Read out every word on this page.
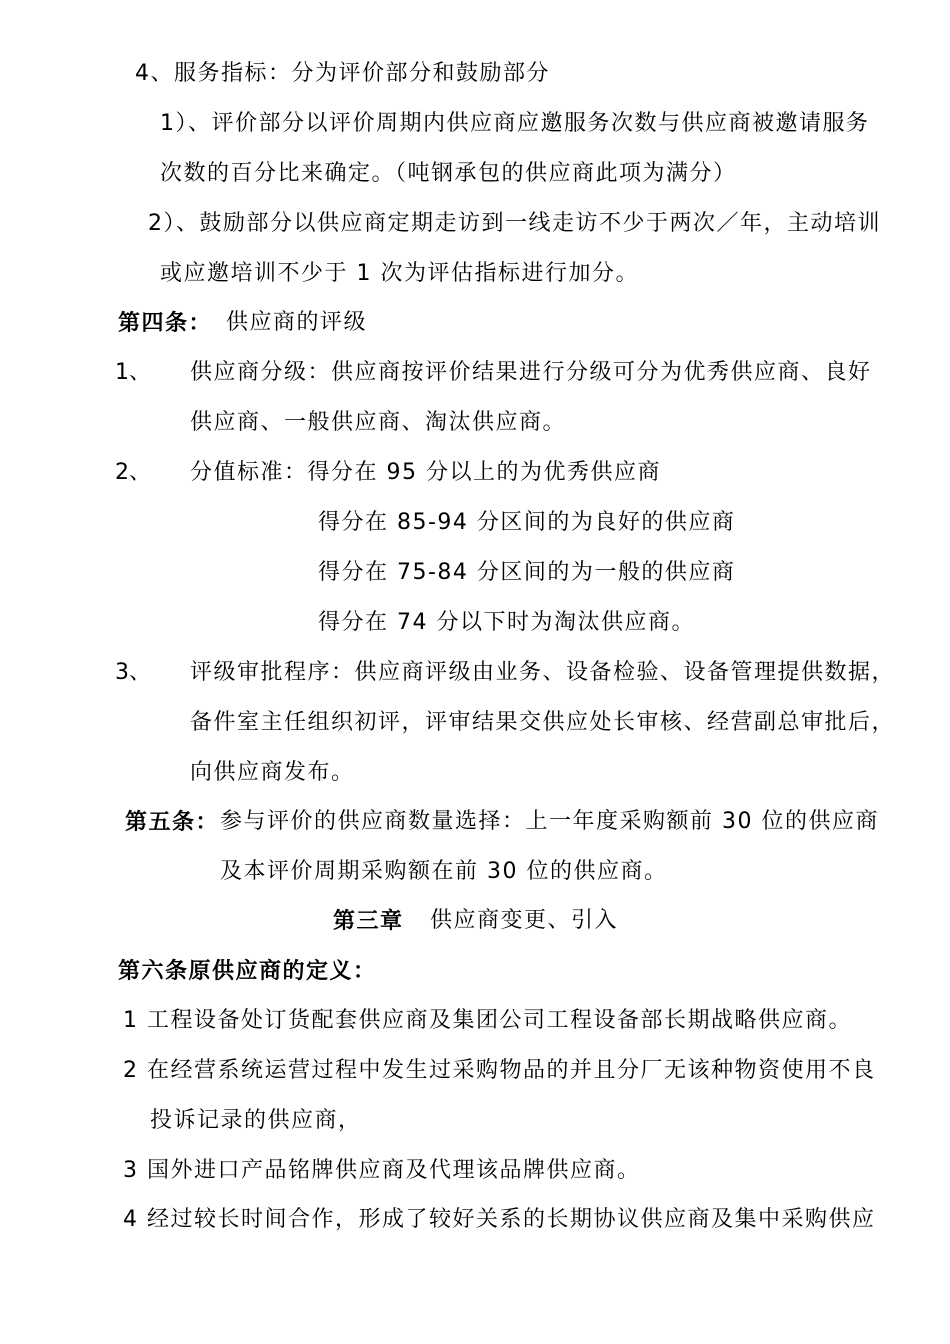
4、服务指标：分为评价部分和鼓励部分
1）、评价部分以评价周期内供应商应邀服务次数与供应商被邀请服务
次数的百分比来确定。（吨钢承包的供应商此项为满分）
2）、鼓励部分以供应商定期走访到一线走访不少于两次／年，主动培训
或应邀培训不少于 1 次为评估指标进行加分。
第四条： 供应商的评级
1、 供应商分级：供应商按评价结果进行分级可分为优秀供应商、良好
供应商、一般供应商、淘汰供应商。
2、 分值标准：得分在 95 分以上的为优秀供应商
得分在 85-94 分区间的为良好的供应商
得分在 75-84 分区间的为一般的供应商
得分在 74 分以下时为淘汰供应商。
3、 评级审批程序：供应商评级由业务、设备检验、设备管理提供数据，
备件室主任组织初评，评审结果交供应处长审核、经营副总审批后，
向供应商发布。
第五条： 参与评价的供应商数量选择：上一年度采购额前 30 位的供应商
及本评价周期采购额在前 30 位的供应商。
第三章 供应商变更、引入
第六条原供应商的定义：
1 工程设备处订货配套供应商及集团公司工程设备部长期战略供应商。
2 在经营系统运营过程中发生过采购物品的并且分厂无该种物资使用不良
投诉记录的供应商，
3 国外进口产品铭牌供应商及代理该品牌供应商。
4 经过较长时间合作，形成了较好关系的长期协议供应商及集中采购供应
